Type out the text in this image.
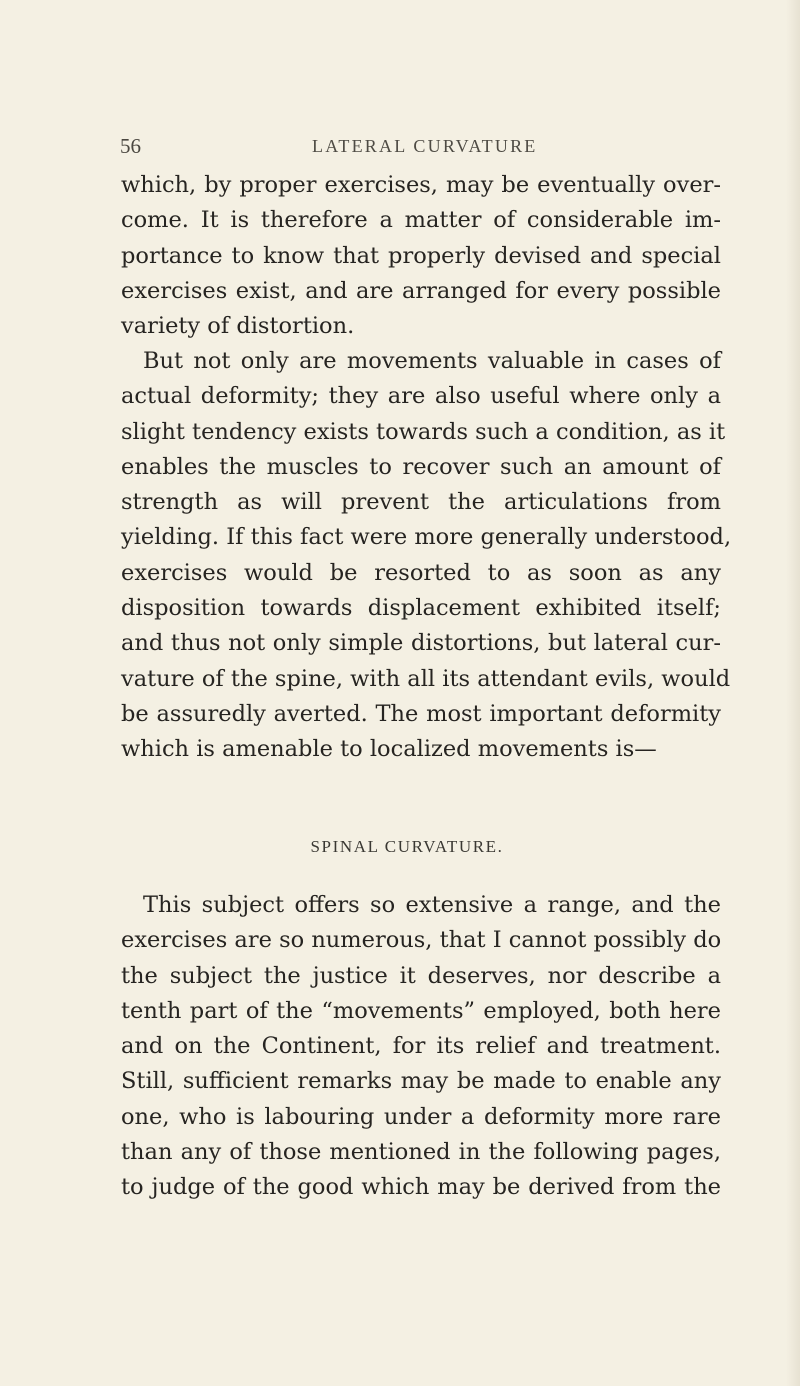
56	LATERAL CURVATURE
which, by proper exercises, may be eventually over-
come. It is therefore a matter of considerable im-
portance to know that properly devised and special
exercises exist, and are arranged for every possible
variety of distortion.
But not only are movements valuable in cases of
actual deformity; they are also useful where only a
slight tendency exists towards such a condition, as it
enables the muscles to recover such an amount of
strength as will prevent the articulations from
yielding. If this fact were more generally understood,
exercises would be resorted to as soon as any
disposition towards displacement exhibited itself;
and thus not only simple distortions, but lateral cur-
vature of the spine, with all its attendant evils, would
be assuredly averted. The most important deformity
which is amenable to localized movements is—
SPINAL CURVATURE.
This subject offers so extensive a range, and the
exercises are so numerous, that I cannot possibly do
the subject the justice it deserves, nor describe a
tenth part of the “movements” employed, both here
and on the Continent, for its relief and treatment.
Still, sufficient remarks may be made to enable any
one, who is labouring under a deformity more rare
than any of those mentioned in the following pages,
to judge of the good which may be derived from the
